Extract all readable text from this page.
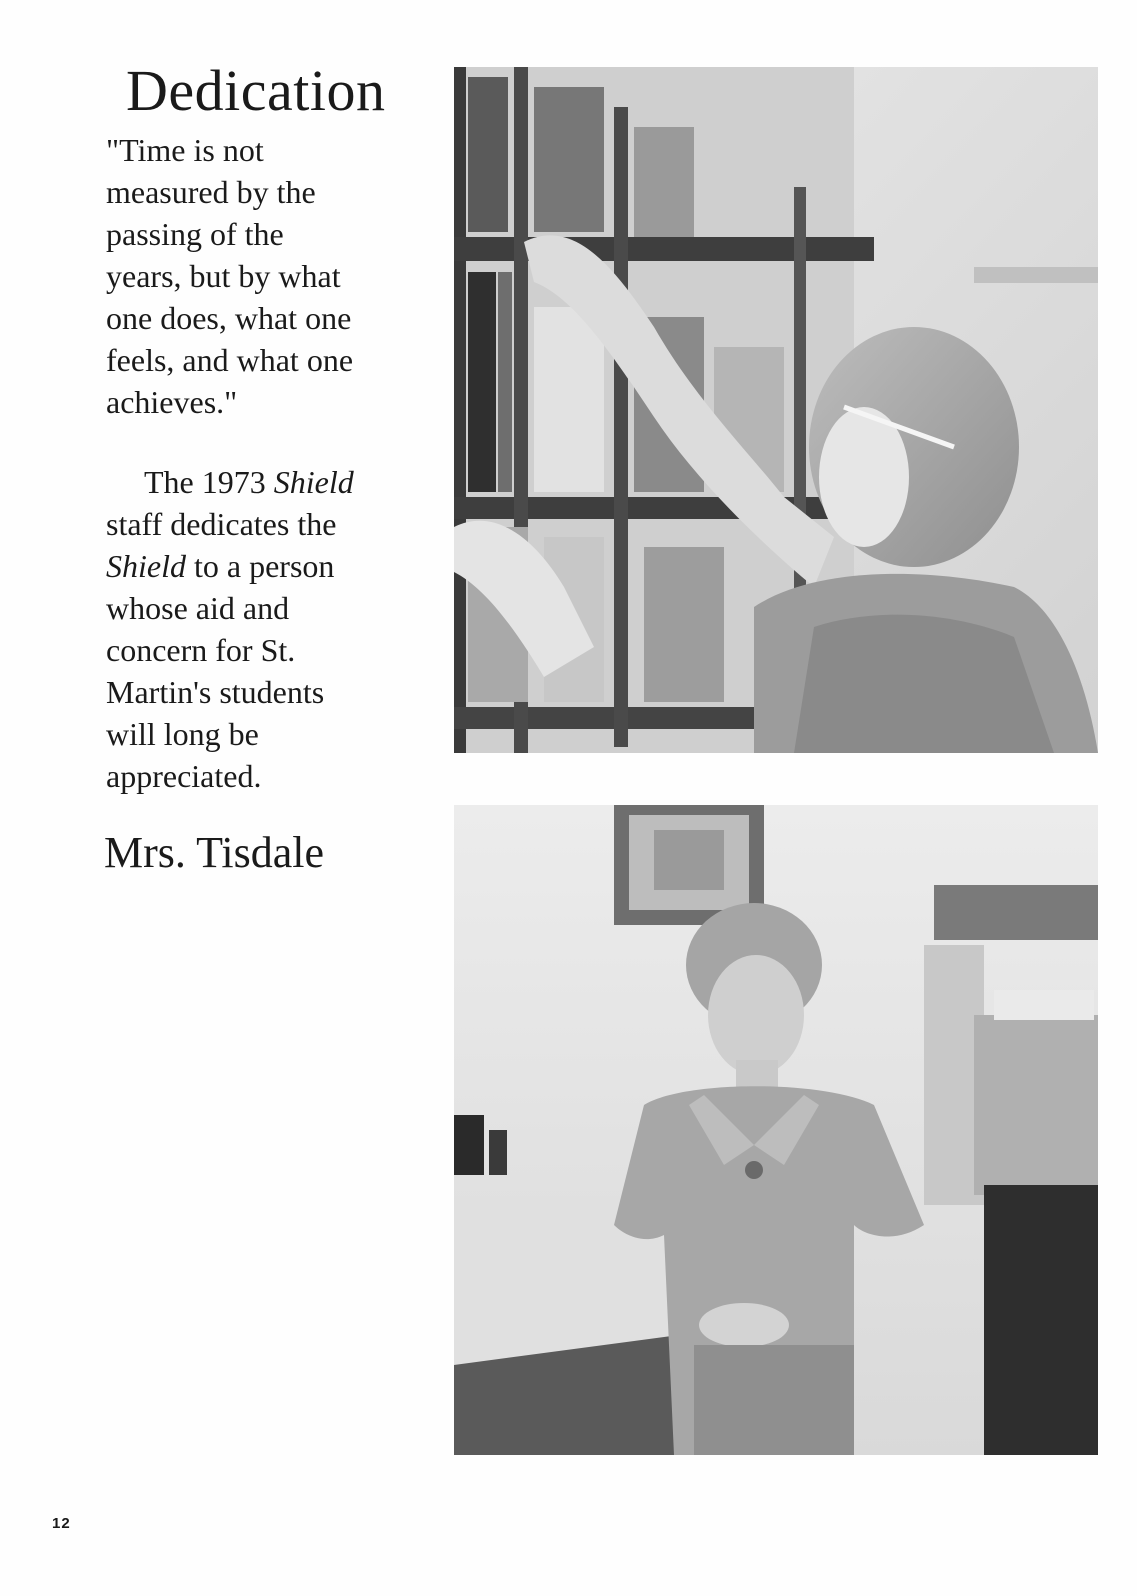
Dedication

"Time is not
measured by the
passing of the
years, but by what
one does, what one
feels, and what one
achieves."

The 1973 Shield
staff dedicates the
Shield to a person
whose aid and
concern for St.
Martin's students
will long be
appreciated.

Mrs. Tisdale
12
